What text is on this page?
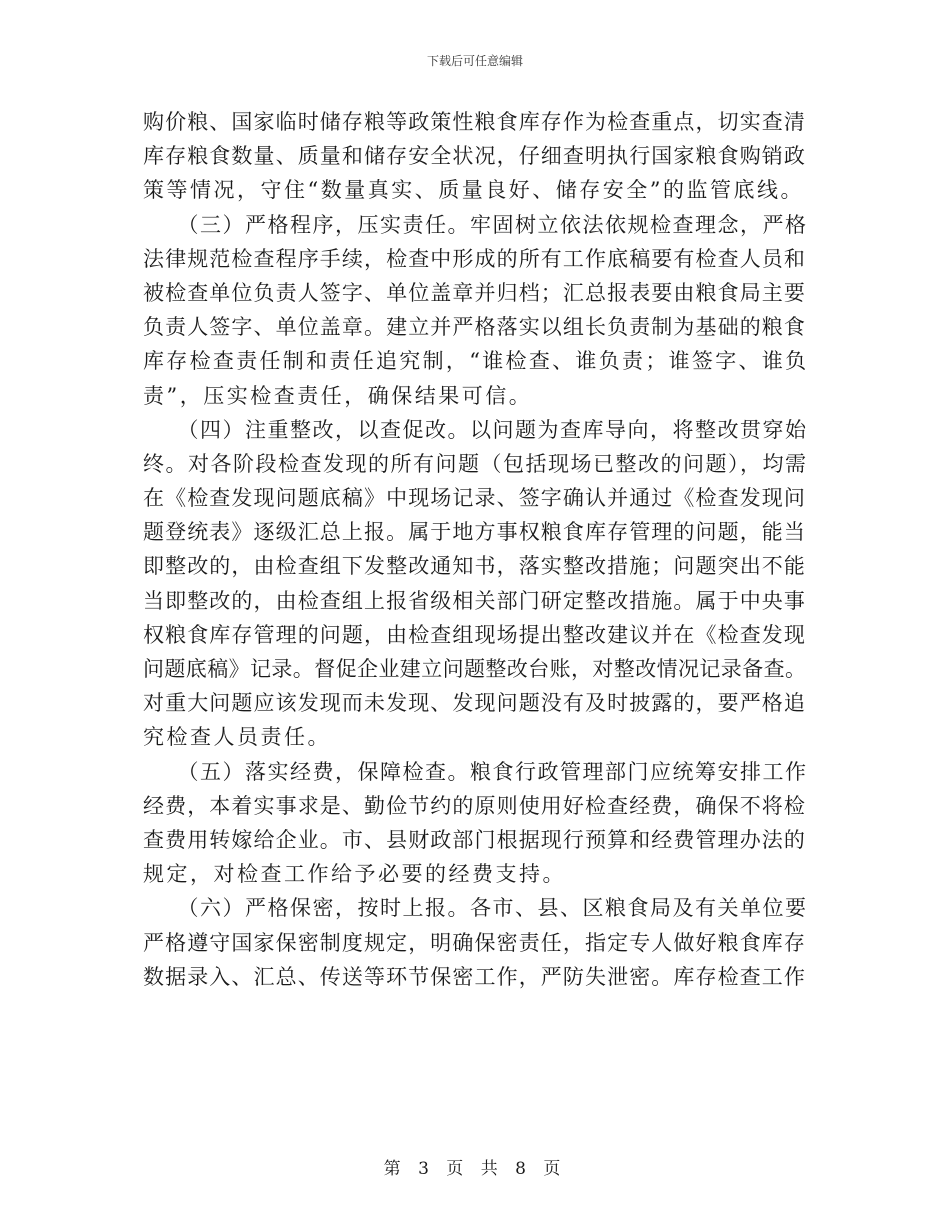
下载后可任意编辑
购价粮、国家临时储存粮等政策性粮食库存作为检查重点，切实查清
库存粮食数量、质量和储存安全状况，仔细查明执行国家粮食购销政
策等情况，守住“数量真实、质量良好、储存安全”的监管底线。
　　（三）严格程序，压实责任。牢固树立依法依规检查理念，严格
法律规范检查程序手续，检查中形成的所有工作底稿要有检查人员和
被检查单位负责人签字、单位盖章并归档；汇总报表要由粮食局主要
负责人签字、单位盖章。建立并严格落实以组长负责制为基础的粮食
库存检查责任制和责任追究制，“谁检查、谁负责；谁签字、谁负
责”，压实检查责任，确保结果可信。
　　（四）注重整改，以查促改。以问题为查库导向，将整改贯穿始
终。对各阶段检查发现的所有问题（包括现场已整改的问题），均需
在《检查发现问题底稿》中现场记录、签字确认并通过《检查发现问
题登统表》逐级汇总上报。属于地方事权粮食库存管理的问题，能当
即整改的，由检查组下发整改通知书，落实整改措施；问题突出不能
当即整改的，由检查组上报省级相关部门研定整改措施。属于中央事
权粮食库存管理的问题，由检查组现场提出整改建议并在《检查发现
问题底稿》记录。督促企业建立问题整改台账，对整改情况记录备查。
对重大问题应该发现而未发现、发现问题没有及时披露的，要严格追
究检查人员责任。
　　（五）落实经费，保障检查。粮食行政管理部门应统筹安排工作
经费，本着实事求是、勤俭节约的原则使用好检查经费，确保不将检
查费用转嫁给企业。市、县财政部门根据现行预算和经费管理办法的
规定，对检查工作给予必要的经费支持。
　　（六）严格保密，按时上报。各市、县、区粮食局及有关单位要
严格遵守国家保密制度规定，明确保密责任，指定专人做好粮食库存
数据录入、汇总、传送等环节保密工作，严防失泄密。库存检查工作
第 3 页 共 8 页
